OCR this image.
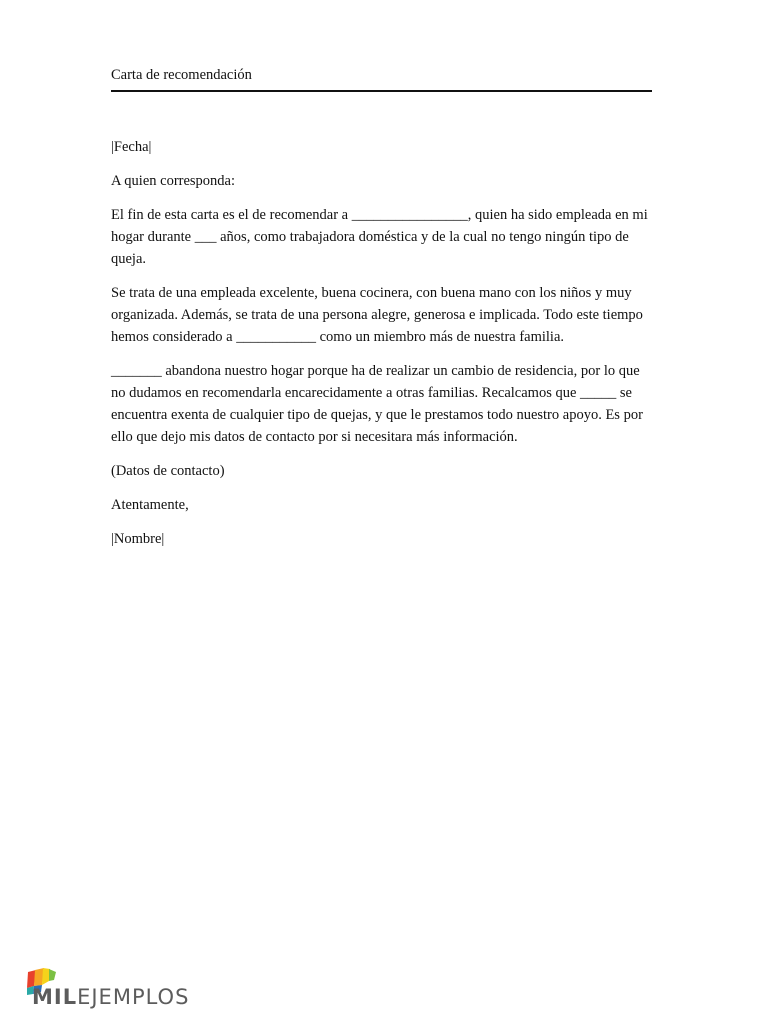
Carta de recomendación

|Fecha|

A quien corresponda:

El fin de esta carta es el de recomendar a ________________, quien ha sido empleada en mi hogar durante ___ años, como trabajadora doméstica y de la cual no tengo ningún tipo de queja.

Se trata de una empleada excelente, buena cocinera, con buena mano con los niños y muy organizada. Además, se trata de una persona alegre, generosa e implicada. Todo este tiempo hemos considerado a ___________ como un miembro más de nuestra familia.

_______ abandona nuestro hogar porque ha de realizar un cambio de residencia, por lo que no dudamos en recomendarla encarecidamente a otras familias. Recalcamos que _____ se encuentra exenta de cualquier tipo de quejas, y que le prestamos todo nuestro apoyo. Es por ello que dejo mis datos de contacto por si necesitara más información.

(Datos de contacto)

Atentamente,

|Nombre|

MILEJEMPLOS
